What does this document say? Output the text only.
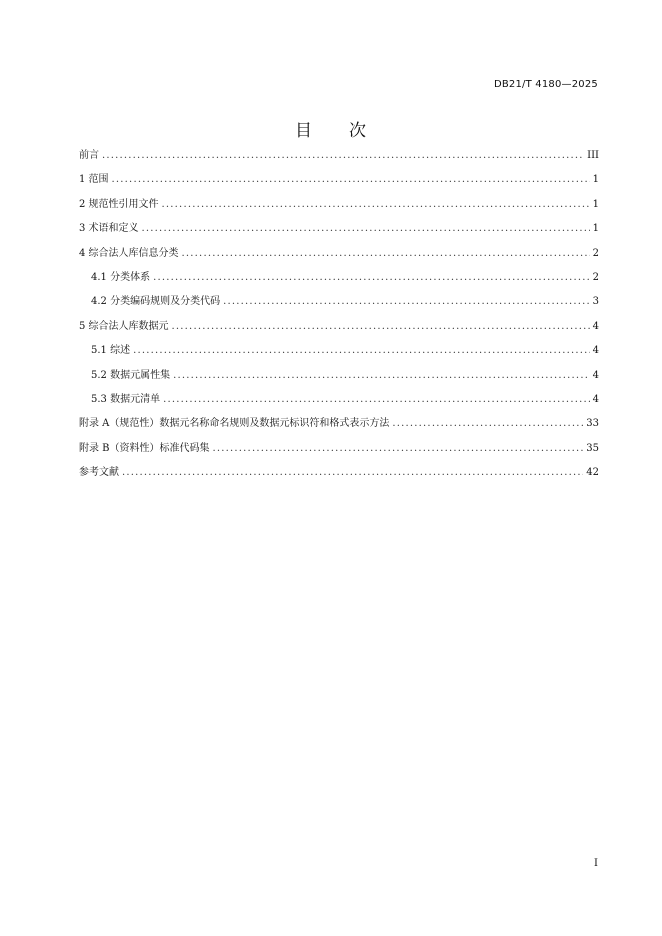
DB21/T 4180—2025
目 次
前言 .....	III
1 范围 .....	1
2 规范性引用文件 .....	1
3 术语和定义 .....	1
4 综合法人库信息分类 .....	2
4.1 分类体系 .....	2
4.2 分类编码规则及分类代码 .....	3
5 综合法人库数据元 .....	4
5.1 综述 .....	4
5.2 数据元属性集 .....	4
5.3 数据元清单 .....	4
附录 A（规范性）数据元名称命名规则及数据元标识符和格式表示方法 .....	33
附录 B（资料性）标准代码集 .....	35
参考文献 .....	42
I
